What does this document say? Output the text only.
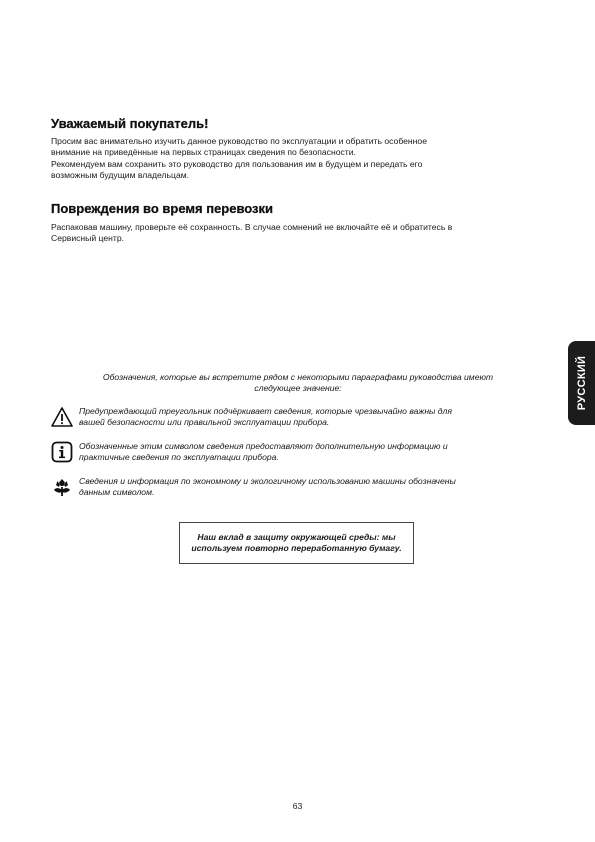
Уважаемый покупатель!

Просим вас внимательно изучить данное руководство по эксплуатации и обратить особенное
внимание на приведённые на первых страницах сведения по безопасности.
Рекомендуем вам сохранить это руководство для пользования им в будущем и передать его
возможным будущим владельцам.

Повреждения во время перевозки

Распаковав машину, проверьте её сохранность. В случае сомнений не включайте её и обратитесь в
Сервисный центр.

РУССКИЙ

Обозначения, которые вы встретите рядом с некоторыми параграфами руководства имеют
следующее значение:

Предупреждающий треугольник подчёркивает сведения, которые чрезвычайно важны для
вашей безопасности или правильной эксплуатации прибора.

Обозначенные этим символом сведения предоставляют дополнительную информацию и
практичные сведения по эксплуатации прибора.

Сведения и информация по экономному и экологичному использованию машины обозначены
данным символом.

Наш вклад в защиту окружающей среды: мы
используем повторно переработанную бумагу.

63
